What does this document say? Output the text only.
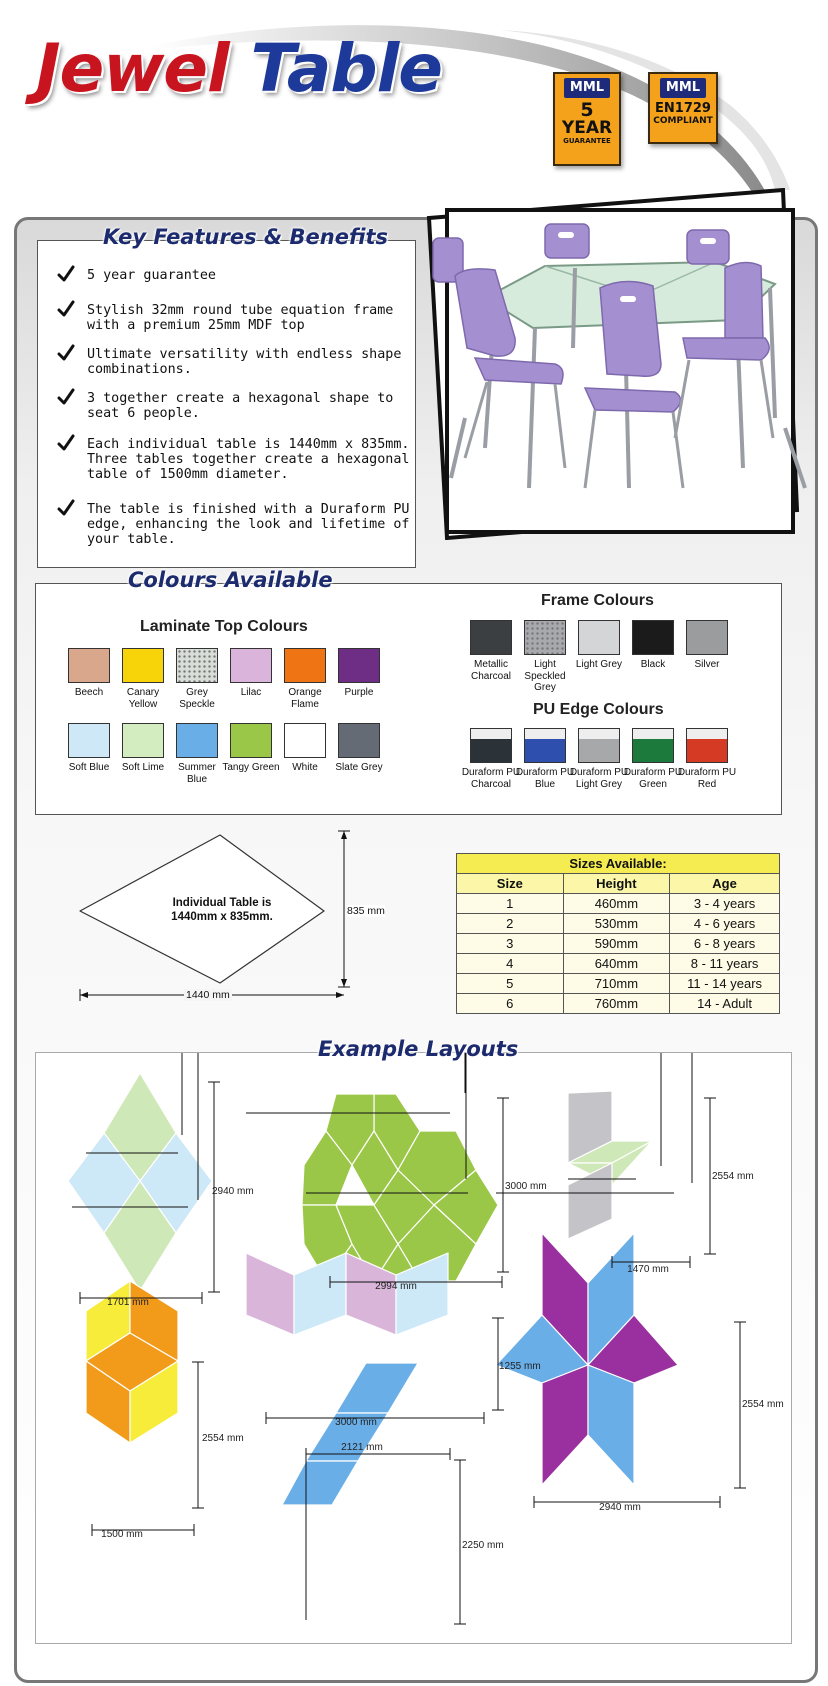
Jewel Table	MML
5
YEAR
GUARANTEE
MML
EN1729
COMPLIANT
Key Features & Benefits
5 year guarantee
Stylish 32mm round tube equation frame with a premium 25mm MDF top
Ultimate versatility with endless shape combinations.
3 together create a hexagonal shape to seat 6 people.
Each individual table is 1440mm x 835mm. Three tables together create a hexagonal table of 1500mm diameter.
The table is finished with a Duraform PU edge, enhancing the look and lifetime of your table.
Colours Available
Laminate Top Colours
Frame Colours
PU Edge Colours
Beech	Canary Yellow
Grey Speckle
Lilac	Orange Flame
Purple
Soft Blue	Soft Lime	Summer Blue
Tangy Green	White	Slate Grey
Metallic Charcoal
Light Speckled Grey
Light Grey	Black	Silver
Duraform PU Charcoal
Duraform PU Blue
Duraform PU Light Grey
Duraform PU Green
Duraform PU Red
Individual Table is 1440mm x 835mm.	835 mm
1440 mm
Sizes Available:		
Size	Height	Age
1	460mm	3 - 4 years
2	530mm	4 - 6 years
3	590mm	6 - 8 years
4	640mm	8 - 11 years
5	710mm	11 - 14 years
6	760mm	14 - Adult
Example Layouts
2940 mm
1701 mm
3000 mm
2994 mm
2554 mm
1470 mm
2554 mm
1500 mm
1255 mm
3000 mm
2554 mm
2940 mm
2250 mm
2121 mm
